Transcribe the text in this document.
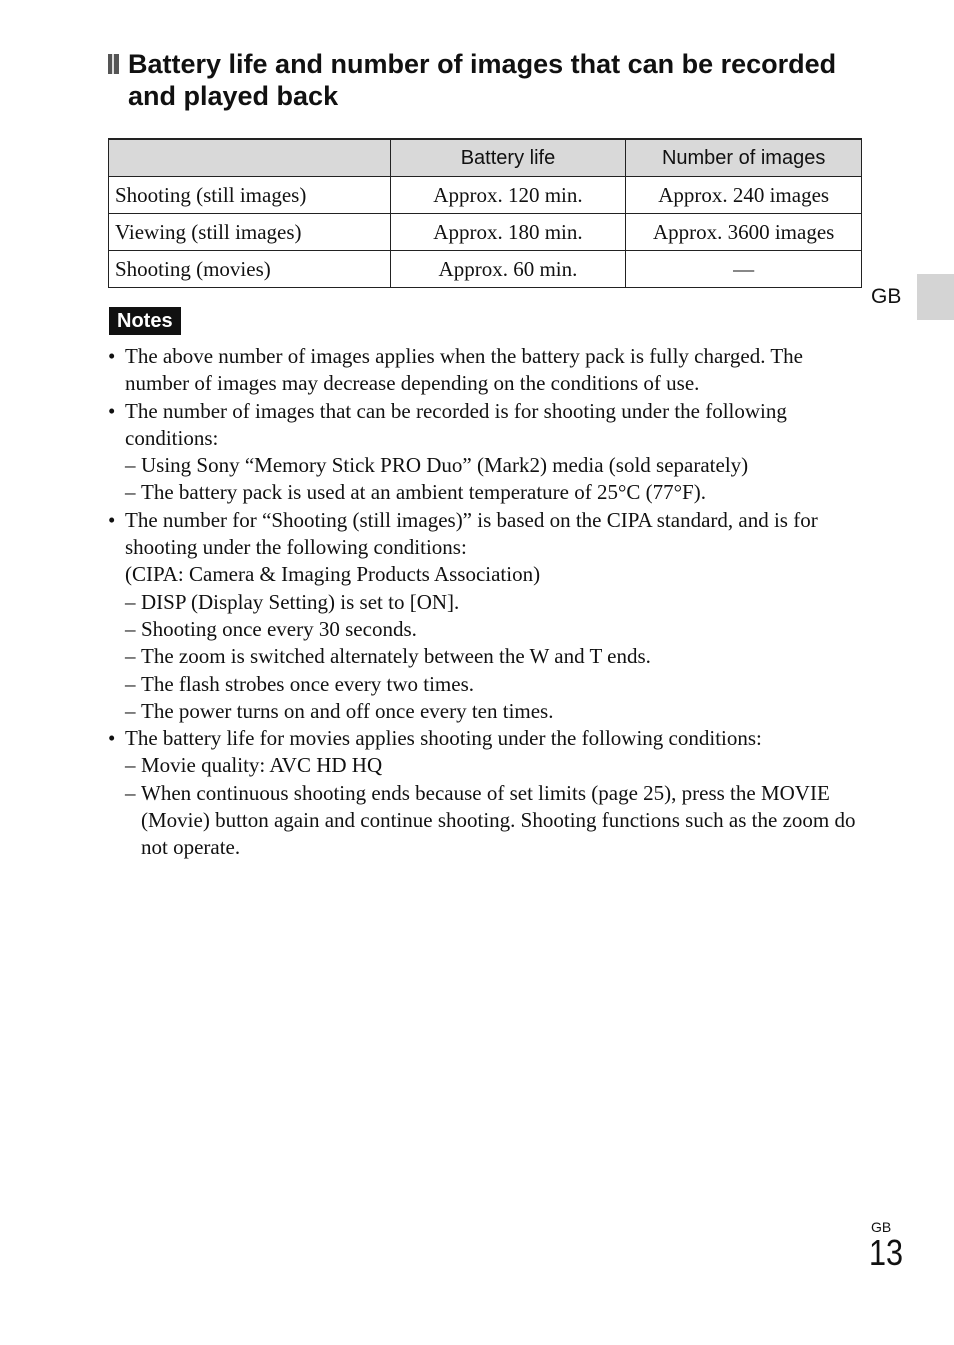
Battery life and number of images that can be recorded and played back
	Battery life	Number of images
Shooting (still images)	Approx. 120 min.	Approx. 240 images
Viewing (still images)	Approx. 180 min.	Approx. 3600 images
Shooting (movies)	Approx. 60 min.	—
Notes
• The above number of images applies when the battery pack is fully charged. The number of images may decrease depending on the conditions of use.
• The number of images that can be recorded is for shooting under the following conditions:
– Using Sony “Memory Stick PRO Duo” (Mark2) media (sold separately)
– The battery pack is used at an ambient temperature of 25°C (77°F).
• The number for “Shooting (still images)” is based on the CIPA standard, and is for shooting under the following conditions:
(CIPA: Camera & Imaging Products Association)
– DISP (Display Setting) is set to [ON].
– Shooting once every 30 seconds.
– The zoom is switched alternately between the W and T ends.
– The flash strobes once every two times.
– The power turns on and off once every ten times.
• The battery life for movies applies shooting under the following conditions:
– Movie quality: AVC HD HQ
– When continuous shooting ends because of set limits (page 25), press the MOVIE (Movie) button again and continue shooting. Shooting functions such as the zoom do not operate.
GB
GB
13
